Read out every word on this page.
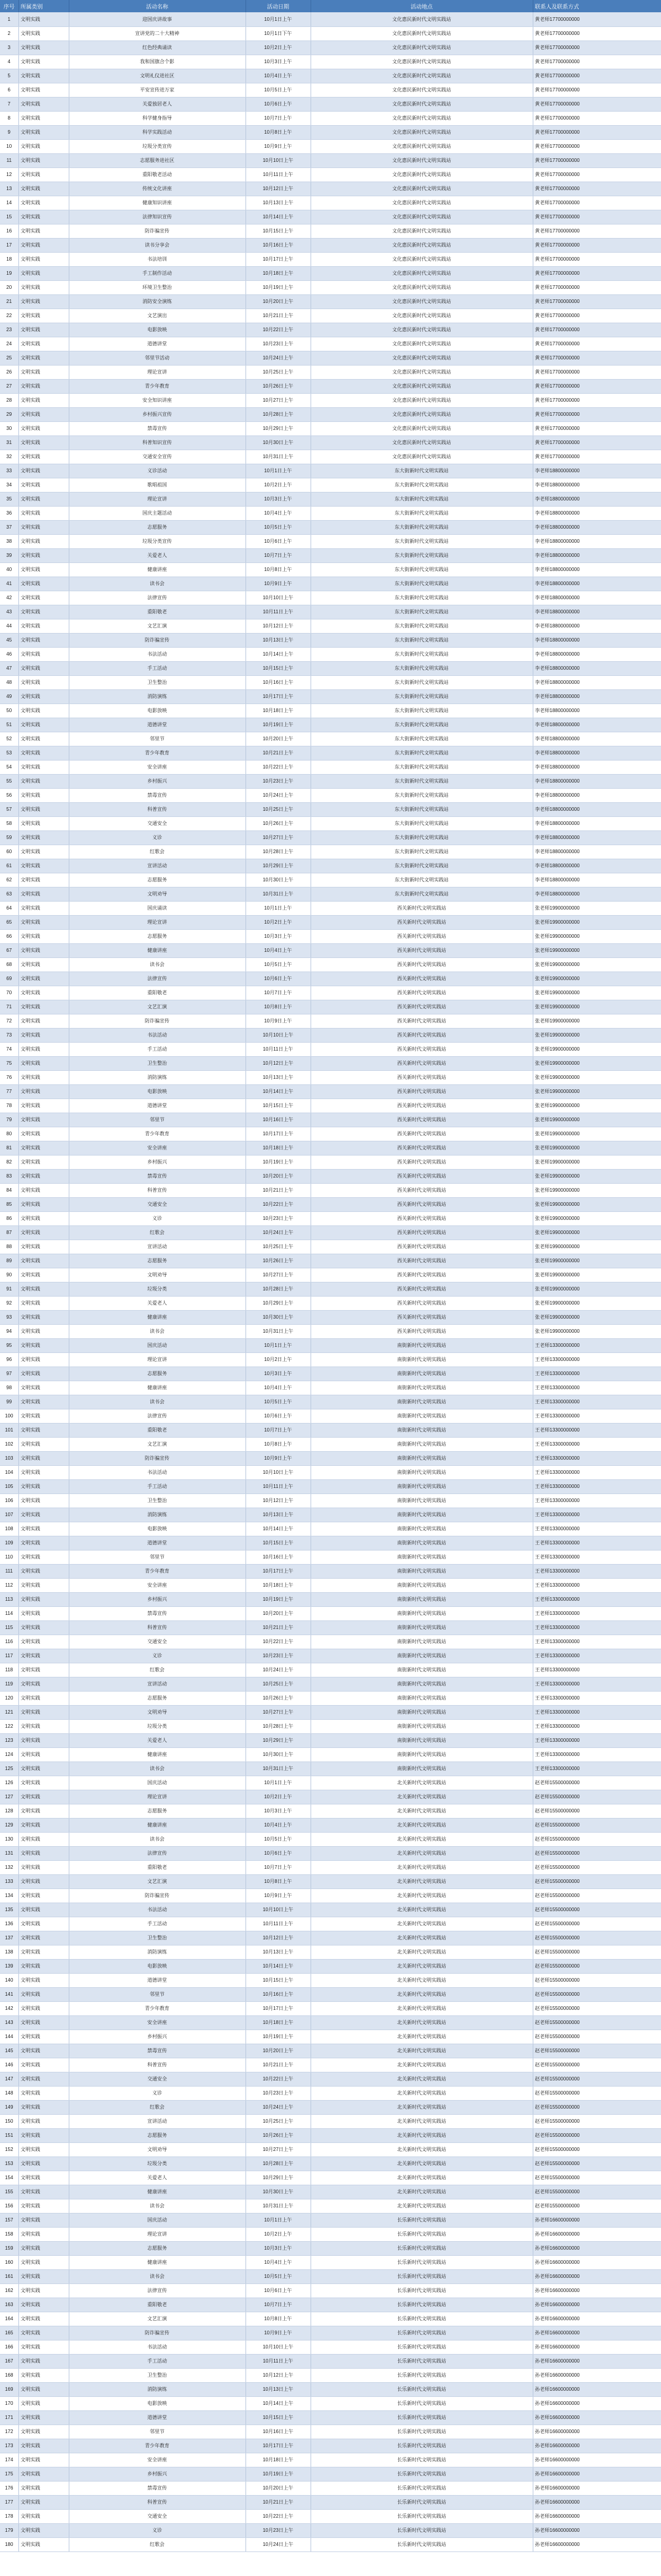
序号	所属类别	活动名称	活动日期	活动地点	联系人及联系方式
1	文明实践	迎国庆讲故事	10月1日上午	文化惠民新时代文明实践站	黄老师17700000000
2	文明实践	宣讲党的二十大精神	10月1日下午	文化惠民新时代文明实践站	黄老师17700000000
3	文明实践	红色经典诵读	10月2日上午	文化惠民新时代文明实践站	黄老师17700000000
4	文明实践	我和国旗合个影	10月3日上午	文化惠民新时代文明实践站	黄老师17700000000
5	文明实践	文明礼仪进社区	10月4日上午	文化惠民新时代文明实践站	黄老师17700000000
6	文明实践	平安宣传进万家	10月5日上午	文化惠民新时代文明实践站	黄老师17700000000
7	文明实践	关爱独居老人	10月6日上午	文化惠民新时代文明实践站	黄老师17700000000
8	文明实践	科学健身指导	10月7日上午	文化惠民新时代文明实践站	黄老师17700000000
9	文明实践	科学实践活动	10月8日上午	文化惠民新时代文明实践站	黄老师17700000000
10	文明实践	垃圾分类宣传	10月9日上午	文化惠民新时代文明实践站	黄老师17700000000
11	文明实践	志愿服务进社区	10月10日上午	文化惠民新时代文明实践站	黄老师17700000000
12	文明实践	重阳敬老活动	10月11日上午	文化惠民新时代文明实践站	黄老师17700000000
13	文明实践	传统文化讲座	10月12日上午	文化惠民新时代文明实践站	黄老师17700000000
14	文明实践	健康知识讲座	10月13日上午	文化惠民新时代文明实践站	黄老师17700000000
15	文明实践	法律知识宣传	10月14日上午	文化惠民新时代文明实践站	黄老师17700000000
16	文明实践	防诈骗宣传	10月15日上午	文化惠民新时代文明实践站	黄老师17700000000
17	文明实践	读书分享会	10月16日上午	文化惠民新时代文明实践站	黄老师17700000000
18	文明实践	书法培训	10月17日上午	文化惠民新时代文明实践站	黄老师17700000000
19	文明实践	手工制作活动	10月18日上午	文化惠民新时代文明实践站	黄老师17700000000
20	文明实践	环境卫生整治	10月19日上午	文化惠民新时代文明实践站	黄老师17700000000
21	文明实践	消防安全演练	10月20日上午	文化惠民新时代文明实践站	黄老师17700000000
22	文明实践	文艺演出	10月21日上午	文化惠民新时代文明实践站	黄老师17700000000
23	文明实践	电影放映	10月22日上午	文化惠民新时代文明实践站	黄老师17700000000
24	文明实践	道德讲堂	10月23日上午	文化惠民新时代文明实践站	黄老师17700000000
25	文明实践	邻里节活动	10月24日上午	文化惠民新时代文明实践站	黄老师17700000000
26	文明实践	理论宣讲	10月25日上午	文化惠民新时代文明实践站	黄老师17700000000
27	文明实践	青少年教育	10月26日上午	文化惠民新时代文明实践站	黄老师17700000000
28	文明实践	安全知识讲座	10月27日上午	文化惠民新时代文明实践站	黄老师17700000000
29	文明实践	乡村振兴宣传	10月28日上午	文化惠民新时代文明实践站	黄老师17700000000
30	文明实践	禁毒宣传	10月29日上午	文化惠民新时代文明实践站	黄老师17700000000
31	文明实践	科普知识宣传	10月30日上午	文化惠民新时代文明实践站	黄老师17700000000
32	文明实践	交通安全宣传	10月31日上午	文化惠民新时代文明实践站	黄老师17700000000
33	文明实践	义诊活动	10月1日上午	东大街新时代文明实践站	李老师18800000000
34	文明实践	歌唱祖国	10月2日上午	东大街新时代文明实践站	李老师18800000000
35	文明实践	理论宣讲	10月3日上午	东大街新时代文明实践站	李老师18800000000
36	文明实践	国庆主题活动	10月4日上午	东大街新时代文明实践站	李老师18800000000
37	文明实践	志愿服务	10月5日上午	东大街新时代文明实践站	李老师18800000000
38	文明实践	垃圾分类宣传	10月6日上午	东大街新时代文明实践站	李老师18800000000
39	文明实践	关爱老人	10月7日上午	东大街新时代文明实践站	李老师18800000000
40	文明实践	健康讲座	10月8日上午	东大街新时代文明实践站	李老师18800000000
41	文明实践	读书会	10月9日上午	东大街新时代文明实践站	李老师18800000000
42	文明实践	法律宣传	10月10日上午	东大街新时代文明实践站	李老师18800000000
43	文明实践	重阳敬老	10月11日上午	东大街新时代文明实践站	李老师18800000000
44	文明实践	文艺汇演	10月12日上午	东大街新时代文明实践站	李老师18800000000
45	文明实践	防诈骗宣传	10月13日上午	东大街新时代文明实践站	李老师18800000000
46	文明实践	书法活动	10月14日上午	东大街新时代文明实践站	李老师18800000000
47	文明实践	手工活动	10月15日上午	东大街新时代文明实践站	李老师18800000000
48	文明实践	卫生整治	10月16日上午	东大街新时代文明实践站	李老师18800000000
49	文明实践	消防演练	10月17日上午	东大街新时代文明实践站	李老师18800000000
50	文明实践	电影放映	10月18日上午	东大街新时代文明实践站	李老师18800000000
51	文明实践	道德讲堂	10月19日上午	东大街新时代文明实践站	李老师18800000000
52	文明实践	邻里节	10月20日上午	东大街新时代文明实践站	李老师18800000000
53	文明实践	青少年教育	10月21日上午	东大街新时代文明实践站	李老师18800000000
54	文明实践	安全讲座	10月22日上午	东大街新时代文明实践站	李老师18800000000
55	文明实践	乡村振兴	10月23日上午	东大街新时代文明实践站	李老师18800000000
56	文明实践	禁毒宣传	10月24日上午	东大街新时代文明实践站	李老师18800000000
57	文明实践	科普宣传	10月25日上午	东大街新时代文明实践站	李老师18800000000
58	文明实践	交通安全	10月26日上午	东大街新时代文明实践站	李老师18800000000
59	文明实践	义诊	10月27日上午	东大街新时代文明实践站	李老师18800000000
60	文明实践	红歌会	10月28日上午	东大街新时代文明实践站	李老师18800000000
61	文明实践	宣讲活动	10月29日上午	东大街新时代文明实践站	李老师18800000000
62	文明实践	志愿服务	10月30日上午	东大街新时代文明实践站	李老师18800000000
63	文明实践	文明劝导	10月31日上午	东大街新时代文明实践站	李老师18800000000
64	文明实践	国庆诵读	10月1日上午	西关新时代文明实践站	张老师19900000000
65	文明实践	理论宣讲	10月2日上午	西关新时代文明实践站	张老师19900000000
66	文明实践	志愿服务	10月3日上午	西关新时代文明实践站	张老师19900000000
67	文明实践	健康讲座	10月4日上午	西关新时代文明实践站	张老师19900000000
68	文明实践	读书会	10月5日上午	西关新时代文明实践站	张老师19900000000
69	文明实践	法律宣传	10月6日上午	西关新时代文明实践站	张老师19900000000
70	文明实践	重阳敬老	10月7日上午	西关新时代文明实践站	张老师19900000000
71	文明实践	文艺汇演	10月8日上午	西关新时代文明实践站	张老师19900000000
72	文明实践	防诈骗宣传	10月9日上午	西关新时代文明实践站	张老师19900000000
73	文明实践	书法活动	10月10日上午	西关新时代文明实践站	张老师19900000000
74	文明实践	手工活动	10月11日上午	西关新时代文明实践站	张老师19900000000
75	文明实践	卫生整治	10月12日上午	西关新时代文明实践站	张老师19900000000
76	文明实践	消防演练	10月13日上午	西关新时代文明实践站	张老师19900000000
77	文明实践	电影放映	10月14日上午	西关新时代文明实践站	张老师19900000000
78	文明实践	道德讲堂	10月15日上午	西关新时代文明实践站	张老师19900000000
79	文明实践	邻里节	10月16日上午	西关新时代文明实践站	张老师19900000000
80	文明实践	青少年教育	10月17日上午	西关新时代文明实践站	张老师19900000000
81	文明实践	安全讲座	10月18日上午	西关新时代文明实践站	张老师19900000000
82	文明实践	乡村振兴	10月19日上午	西关新时代文明实践站	张老师19900000000
83	文明实践	禁毒宣传	10月20日上午	西关新时代文明实践站	张老师19900000000
84	文明实践	科普宣传	10月21日上午	西关新时代文明实践站	张老师19900000000
85	文明实践	交通安全	10月22日上午	西关新时代文明实践站	张老师19900000000
86	文明实践	义诊	10月23日上午	西关新时代文明实践站	张老师19900000000
87	文明实践	红歌会	10月24日上午	西关新时代文明实践站	张老师19900000000
88	文明实践	宣讲活动	10月25日上午	西关新时代文明实践站	张老师19900000000
89	文明实践	志愿服务	10月26日上午	西关新时代文明实践站	张老师19900000000
90	文明实践	文明劝导	10月27日上午	西关新时代文明实践站	张老师19900000000
91	文明实践	垃圾分类	10月28日上午	西关新时代文明实践站	张老师19900000000
92	文明实践	关爱老人	10月29日上午	西关新时代文明实践站	张老师19900000000
93	文明实践	健康讲座	10月30日上午	西关新时代文明实践站	张老师19900000000
94	文明实践	读书会	10月31日上午	西关新时代文明实践站	张老师19900000000
95	文明实践	国庆活动	10月1日上午	南街新时代文明实践站	王老师13300000000
96	文明实践	理论宣讲	10月2日上午	南街新时代文明实践站	王老师13300000000
97	文明实践	志愿服务	10月3日上午	南街新时代文明实践站	王老师13300000000
98	文明实践	健康讲座	10月4日上午	南街新时代文明实践站	王老师13300000000
99	文明实践	读书会	10月5日上午	南街新时代文明实践站	王老师13300000000
100	文明实践	法律宣传	10月6日上午	南街新时代文明实践站	王老师13300000000
101	文明实践	重阳敬老	10月7日上午	南街新时代文明实践站	王老师13300000000
102	文明实践	文艺汇演	10月8日上午	南街新时代文明实践站	王老师13300000000
103	文明实践	防诈骗宣传	10月9日上午	南街新时代文明实践站	王老师13300000000
104	文明实践	书法活动	10月10日上午	南街新时代文明实践站	王老师13300000000
105	文明实践	手工活动	10月11日上午	南街新时代文明实践站	王老师13300000000
106	文明实践	卫生整治	10月12日上午	南街新时代文明实践站	王老师13300000000
107	文明实践	消防演练	10月13日上午	南街新时代文明实践站	王老师13300000000
108	文明实践	电影放映	10月14日上午	南街新时代文明实践站	王老师13300000000
109	文明实践	道德讲堂	10月15日上午	南街新时代文明实践站	王老师13300000000
110	文明实践	邻里节	10月16日上午	南街新时代文明实践站	王老师13300000000
111	文明实践	青少年教育	10月17日上午	南街新时代文明实践站	王老师13300000000
112	文明实践	安全讲座	10月18日上午	南街新时代文明实践站	王老师13300000000
113	文明实践	乡村振兴	10月19日上午	南街新时代文明实践站	王老师13300000000
114	文明实践	禁毒宣传	10月20日上午	南街新时代文明实践站	王老师13300000000
115	文明实践	科普宣传	10月21日上午	南街新时代文明实践站	王老师13300000000
116	文明实践	交通安全	10月22日上午	南街新时代文明实践站	王老师13300000000
117	文明实践	义诊	10月23日上午	南街新时代文明实践站	王老师13300000000
118	文明实践	红歌会	10月24日上午	南街新时代文明实践站	王老师13300000000
119	文明实践	宣讲活动	10月25日上午	南街新时代文明实践站	王老师13300000000
120	文明实践	志愿服务	10月26日上午	南街新时代文明实践站	王老师13300000000
121	文明实践	文明劝导	10月27日上午	南街新时代文明实践站	王老师13300000000
122	文明实践	垃圾分类	10月28日上午	南街新时代文明实践站	王老师13300000000
123	文明实践	关爱老人	10月29日上午	南街新时代文明实践站	王老师13300000000
124	文明实践	健康讲座	10月30日上午	南街新时代文明实践站	王老师13300000000
125	文明实践	读书会	10月31日上午	南街新时代文明实践站	王老师13300000000
126	文明实践	国庆活动	10月1日上午	北关新时代文明实践站	赵老师15500000000
127	文明实践	理论宣讲	10月2日上午	北关新时代文明实践站	赵老师15500000000
128	文明实践	志愿服务	10月3日上午	北关新时代文明实践站	赵老师15500000000
129	文明实践	健康讲座	10月4日上午	北关新时代文明实践站	赵老师15500000000
130	文明实践	读书会	10月5日上午	北关新时代文明实践站	赵老师15500000000
131	文明实践	法律宣传	10月6日上午	北关新时代文明实践站	赵老师15500000000
132	文明实践	重阳敬老	10月7日上午	北关新时代文明实践站	赵老师15500000000
133	文明实践	文艺汇演	10月8日上午	北关新时代文明实践站	赵老师15500000000
134	文明实践	防诈骗宣传	10月9日上午	北关新时代文明实践站	赵老师15500000000
135	文明实践	书法活动	10月10日上午	北关新时代文明实践站	赵老师15500000000
136	文明实践	手工活动	10月11日上午	北关新时代文明实践站	赵老师15500000000
137	文明实践	卫生整治	10月12日上午	北关新时代文明实践站	赵老师15500000000
138	文明实践	消防演练	10月13日上午	北关新时代文明实践站	赵老师15500000000
139	文明实践	电影放映	10月14日上午	北关新时代文明实践站	赵老师15500000000
140	文明实践	道德讲堂	10月15日上午	北关新时代文明实践站	赵老师15500000000
141	文明实践	邻里节	10月16日上午	北关新时代文明实践站	赵老师15500000000
142	文明实践	青少年教育	10月17日上午	北关新时代文明实践站	赵老师15500000000
143	文明实践	安全讲座	10月18日上午	北关新时代文明实践站	赵老师15500000000
144	文明实践	乡村振兴	10月19日上午	北关新时代文明实践站	赵老师15500000000
145	文明实践	禁毒宣传	10月20日上午	北关新时代文明实践站	赵老师15500000000
146	文明实践	科普宣传	10月21日上午	北关新时代文明实践站	赵老师15500000000
147	文明实践	交通安全	10月22日上午	北关新时代文明实践站	赵老师15500000000
148	文明实践	义诊	10月23日上午	北关新时代文明实践站	赵老师15500000000
149	文明实践	红歌会	10月24日上午	北关新时代文明实践站	赵老师15500000000
150	文明实践	宣讲活动	10月25日上午	北关新时代文明实践站	赵老师15500000000
151	文明实践	志愿服务	10月26日上午	北关新时代文明实践站	赵老师15500000000
152	文明实践	文明劝导	10月27日上午	北关新时代文明实践站	赵老师15500000000
153	文明实践	垃圾分类	10月28日上午	北关新时代文明实践站	赵老师15500000000
154	文明实践	关爱老人	10月29日上午	北关新时代文明实践站	赵老师15500000000
155	文明实践	健康讲座	10月30日上午	北关新时代文明实践站	赵老师15500000000
156	文明实践	读书会	10月31日上午	北关新时代文明实践站	赵老师15500000000
157	文明实践	国庆活动	10月1日上午	长乐新时代文明实践站	孙老师16600000000
158	文明实践	理论宣讲	10月2日上午	长乐新时代文明实践站	孙老师16600000000
159	文明实践	志愿服务	10月3日上午	长乐新时代文明实践站	孙老师16600000000
160	文明实践	健康讲座	10月4日上午	长乐新时代文明实践站	孙老师16600000000
161	文明实践	读书会	10月5日上午	长乐新时代文明实践站	孙老师16600000000
162	文明实践	法律宣传	10月6日上午	长乐新时代文明实践站	孙老师16600000000
163	文明实践	重阳敬老	10月7日上午	长乐新时代文明实践站	孙老师16600000000
164	文明实践	文艺汇演	10月8日上午	长乐新时代文明实践站	孙老师16600000000
165	文明实践	防诈骗宣传	10月9日上午	长乐新时代文明实践站	孙老师16600000000
166	文明实践	书法活动	10月10日上午	长乐新时代文明实践站	孙老师16600000000
167	文明实践	手工活动	10月11日上午	长乐新时代文明实践站	孙老师16600000000
168	文明实践	卫生整治	10月12日上午	长乐新时代文明实践站	孙老师16600000000
169	文明实践	消防演练	10月13日上午	长乐新时代文明实践站	孙老师16600000000
170	文明实践	电影放映	10月14日上午	长乐新时代文明实践站	孙老师16600000000
171	文明实践	道德讲堂	10月15日上午	长乐新时代文明实践站	孙老师16600000000
172	文明实践	邻里节	10月16日上午	长乐新时代文明实践站	孙老师16600000000
173	文明实践	青少年教育	10月17日上午	长乐新时代文明实践站	孙老师16600000000
174	文明实践	安全讲座	10月18日上午	长乐新时代文明实践站	孙老师16600000000
175	文明实践	乡村振兴	10月19日上午	长乐新时代文明实践站	孙老师16600000000
176	文明实践	禁毒宣传	10月20日上午	长乐新时代文明实践站	孙老师16600000000
177	文明实践	科普宣传	10月21日上午	长乐新时代文明实践站	孙老师16600000000
178	文明实践	交通安全	10月22日上午	长乐新时代文明实践站	孙老师16600000000
179	文明实践	义诊	10月23日上午	长乐新时代文明实践站	孙老师16600000000
180	文明实践	红歌会	10月24日上午	长乐新时代文明实践站	孙老师16600000000
